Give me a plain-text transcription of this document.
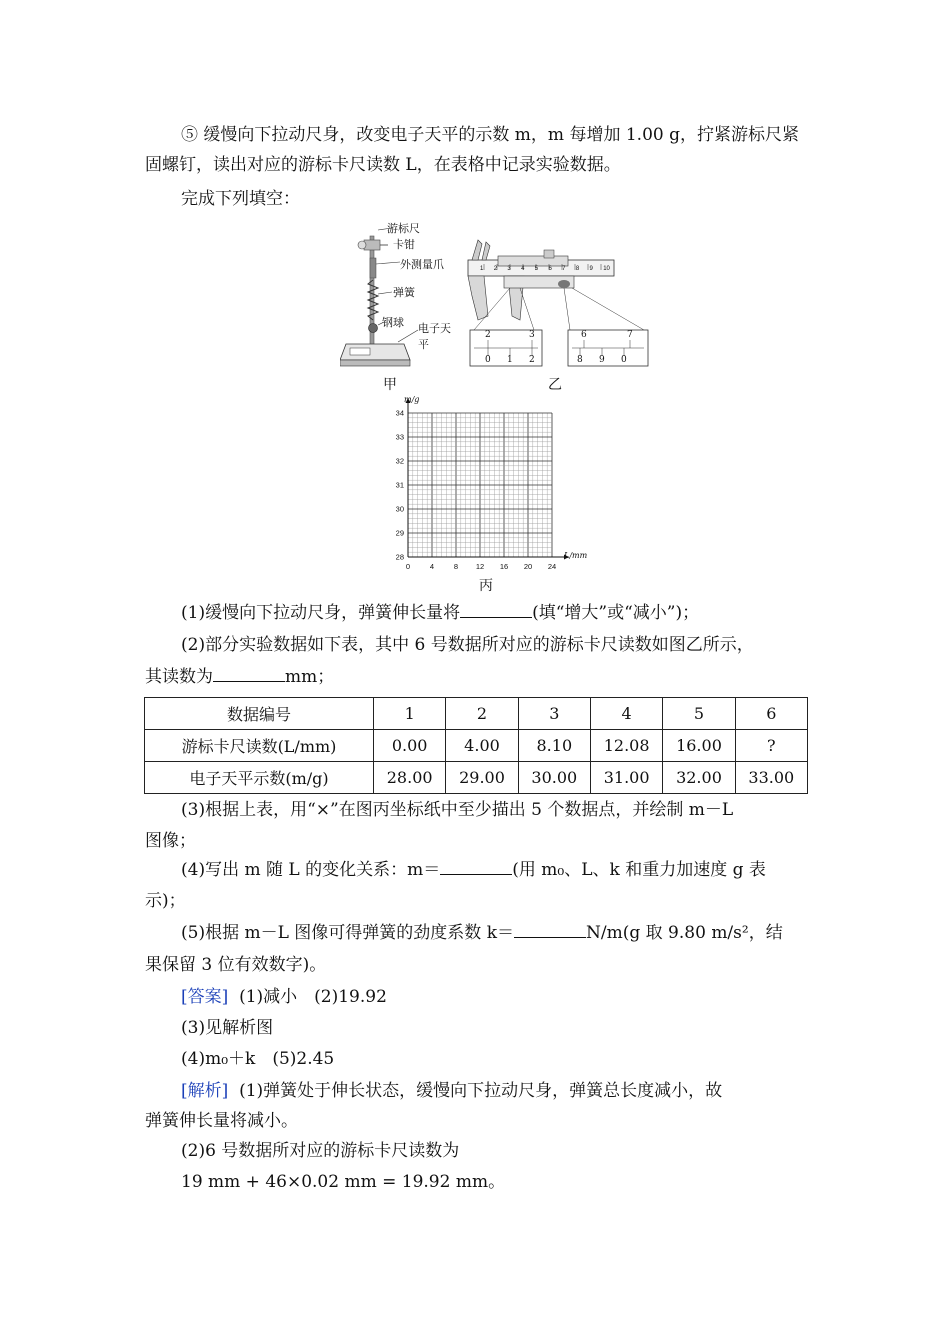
⑤ 缓慢向下拉动尺身，改变电子天平的示数 m，m 每增加 1.00 g，拧紧游标尺紧固螺钉，读出对应的游标卡尺读数 L，在表格中记录实验数据。
完成下列填空：
游标尺
卡钳
外测量爪
弹簧
钢球 电子天平
甲
1 2 3 4 5 6 7 8 9 10
2	3
0 1 2
6	7
8 9 0
乙
0	4	8 12 16 20 24
34
33
32
31
30
29
28
m/g
L/mm
丙
(1)缓慢向下拉动尺身，弹簧伸长量将	(填“增大”或“减小”)；
(2)部分实验数据如下表，其中 6 号数据所对应的游标卡尺读数如图乙所示，
其读数为	mm；
数据编号	1	2	3	4	5	6
游标卡尺读数(L/mm)	0.00	4.00	8.10	12.08	16.00	?
电子天平示数(m/g)	28.00	29.00	30.00	31.00	32.00	33.00
(3)根据上表，用“×”在图丙坐标纸中至少描出 5 个数据点，并绘制 m－L
图像；
(4)写出 m 随 L 的变化关系：m＝	(用 m₀、L、k 和重力加速度 g 表
示)；
(5)根据 m－L 图像可得弹簧的劲度系数 k＝	N/m(g 取 9.80 m/s²，结
果保留 3 位有效数字)。
[答案] (1)减小　(2)19.92
(3)见解析图
(4)m₀＋k　(5)2.45
[解析] (1)弹簧处于伸长状态，缓慢向下拉动尺身，弹簧总长度减小，故
弹簧伸长量将减小。
(2)6 号数据所对应的游标卡尺读数为
19 mm + 46×0.02 mm = 19.92 mm。
